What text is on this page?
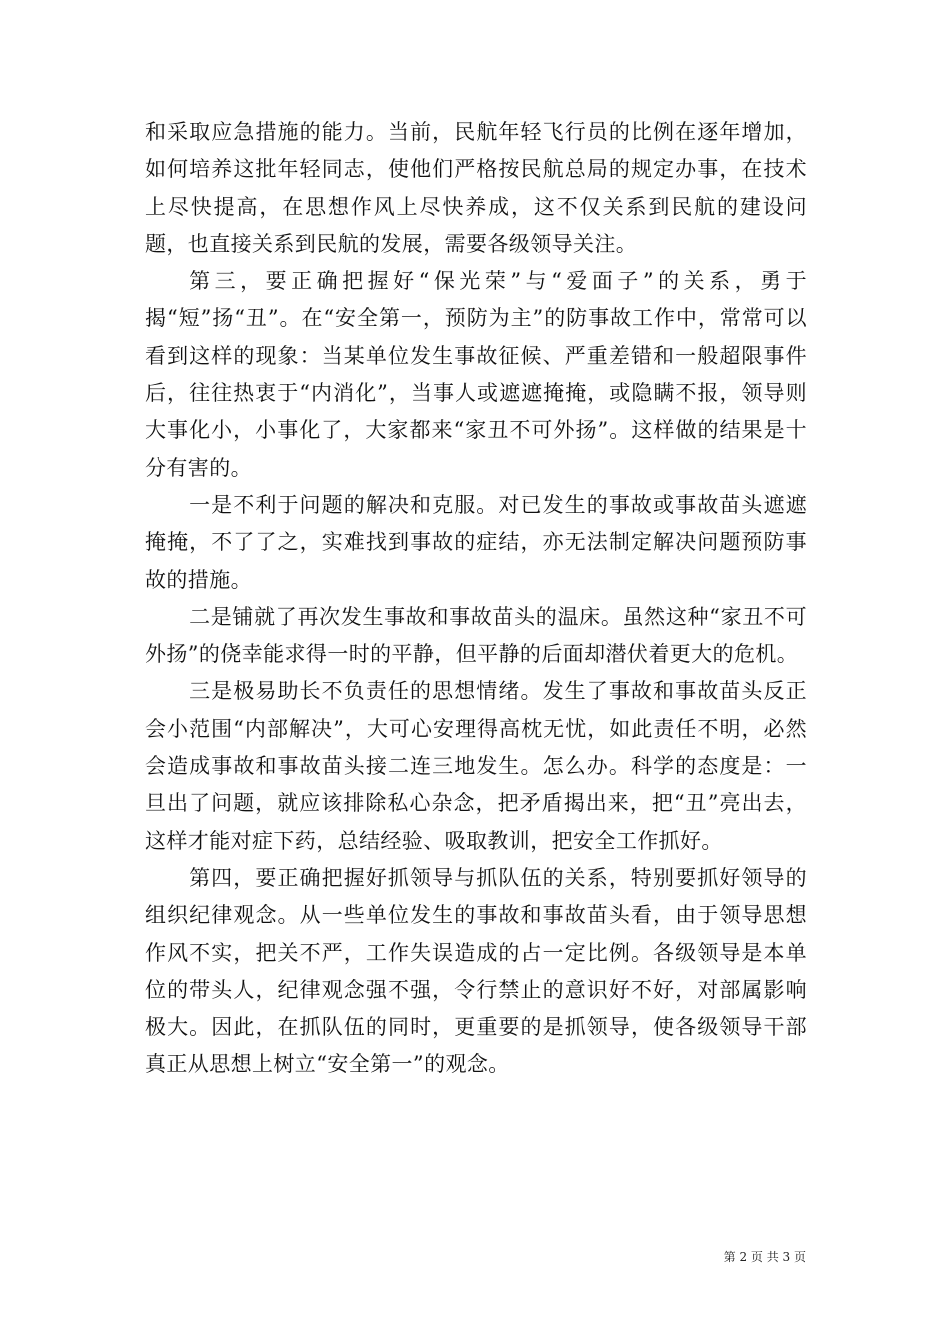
和采取应急措施的能力。当前，民航年轻飞行员的比例在逐年增加，如何培养这批年轻同志，使他们严格按民航总局的规定办事，在技术上尽快提高，在思想作风上尽快养成，这不仅关系到民航的建设问题，也直接关系到民航的发展，需要各级领导关注。

第三，要正确把握好“保光荣”与“爱面子”的关系，勇于揭“短”扬“丑”。在“安全第一，预防为主”的防事故工作中，常常可以看到这样的现象：当某单位发生事故征候、严重差错和一般超限事件后，往往热衷于“内消化”，当事人或遮遮掩掩，或隐瞒不报，领导则大事化小，小事化了，大家都来“家丑不可外扬”。这样做的结果是十分有害的。

一是不利于问题的解决和克服。对已发生的事故或事故苗头遮遮掩掩，不了了之，实难找到事故的症结，亦无法制定解决问题预防事故的措施。

二是铺就了再次发生事故和事故苗头的温床。虽然这种“家丑不可外扬”的侥幸能求得一时的平静，但平静的后面却潜伏着更大的危机。

三是极易助长不负责任的思想情绪。发生了事故和事故苗头反正会小范围“内部解决”，大可心安理得高枕无忧，如此责任不明，必然会造成事故和事故苗头接二连三地发生。怎么办。科学的态度是：一旦出了问题，就应该排除私心杂念，把矛盾揭出来，把“丑”亮出去，这样才能对症下药，总结经验、吸取教训，把安全工作抓好。

第四，要正确把握好抓领导与抓队伍的关系，特别要抓好领导的组织纪律观念。从一些单位发生的事故和事故苗头看，由于领导思想作风不实，把关不严，工作失误造成的占一定比例。各级领导是本单位的带头人，纪律观念强不强，令行禁止的意识好不好，对部属影响极大。因此，在抓队伍的同时，更重要的是抓领导，使各级领导干部真正从思想上树立“安全第一”的观念。

第 2 页 共 3 页
